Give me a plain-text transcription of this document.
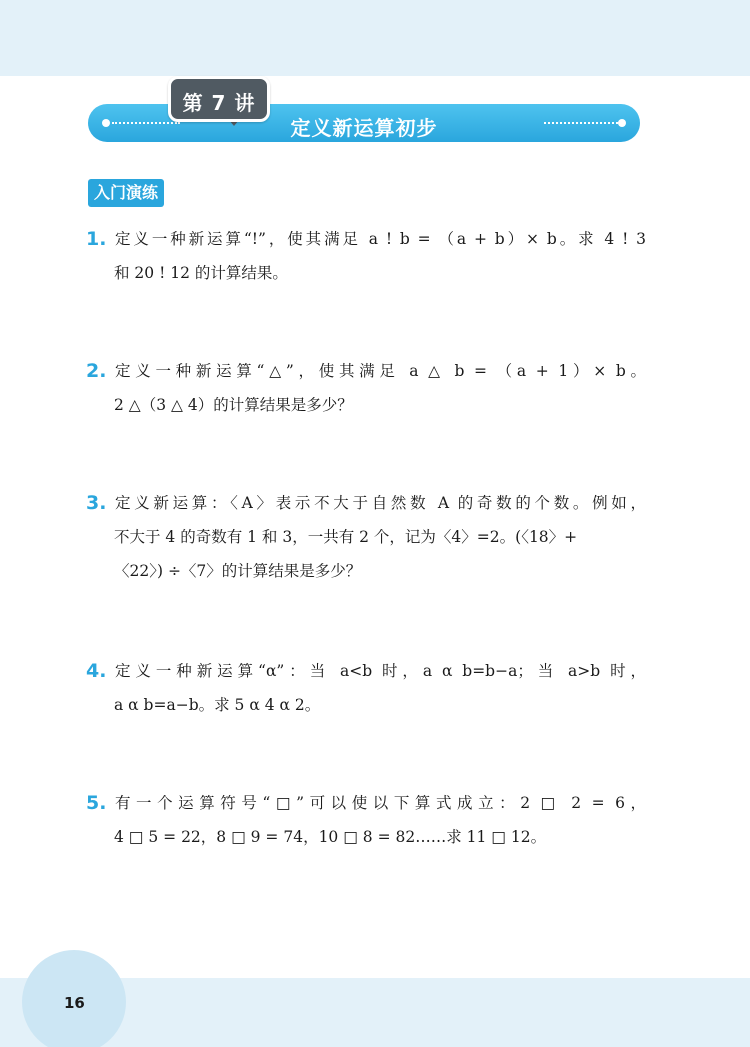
定义新运算初步
第 7 讲
入门演练
1. 定义一种新运算“!”，使其满足 a ! b = （a + b）× b。求 4 ! 3
和 20 ! 12 的计算结果。
2. 定义一种新运算“△”，使其满足 a △ b = （a + 1）× b。
2 △（3 △ 4）的计算结果是多少？
3. 定义新运算：〈A〉表示不大于自然数 A 的奇数的个数。例如，
不大于 4 的奇数有 1 和 3，一共有 2 个，记为〈4〉=2。(〈18〉+
〈22〉) ÷〈7〉的计算结果是多少？
4. 定义一种新运算“α”：当 a<b 时，a α b=b−a；当 a>b 时，
a α b=a−b。求 5 α 4 α 2。
5. 有一个运算符号“□”可以使以下算式成立：2 □ 2 = 6，
4 □ 5 = 22，8 □ 9 = 74，10 □ 8 = 82……求 11 □ 12。
16
